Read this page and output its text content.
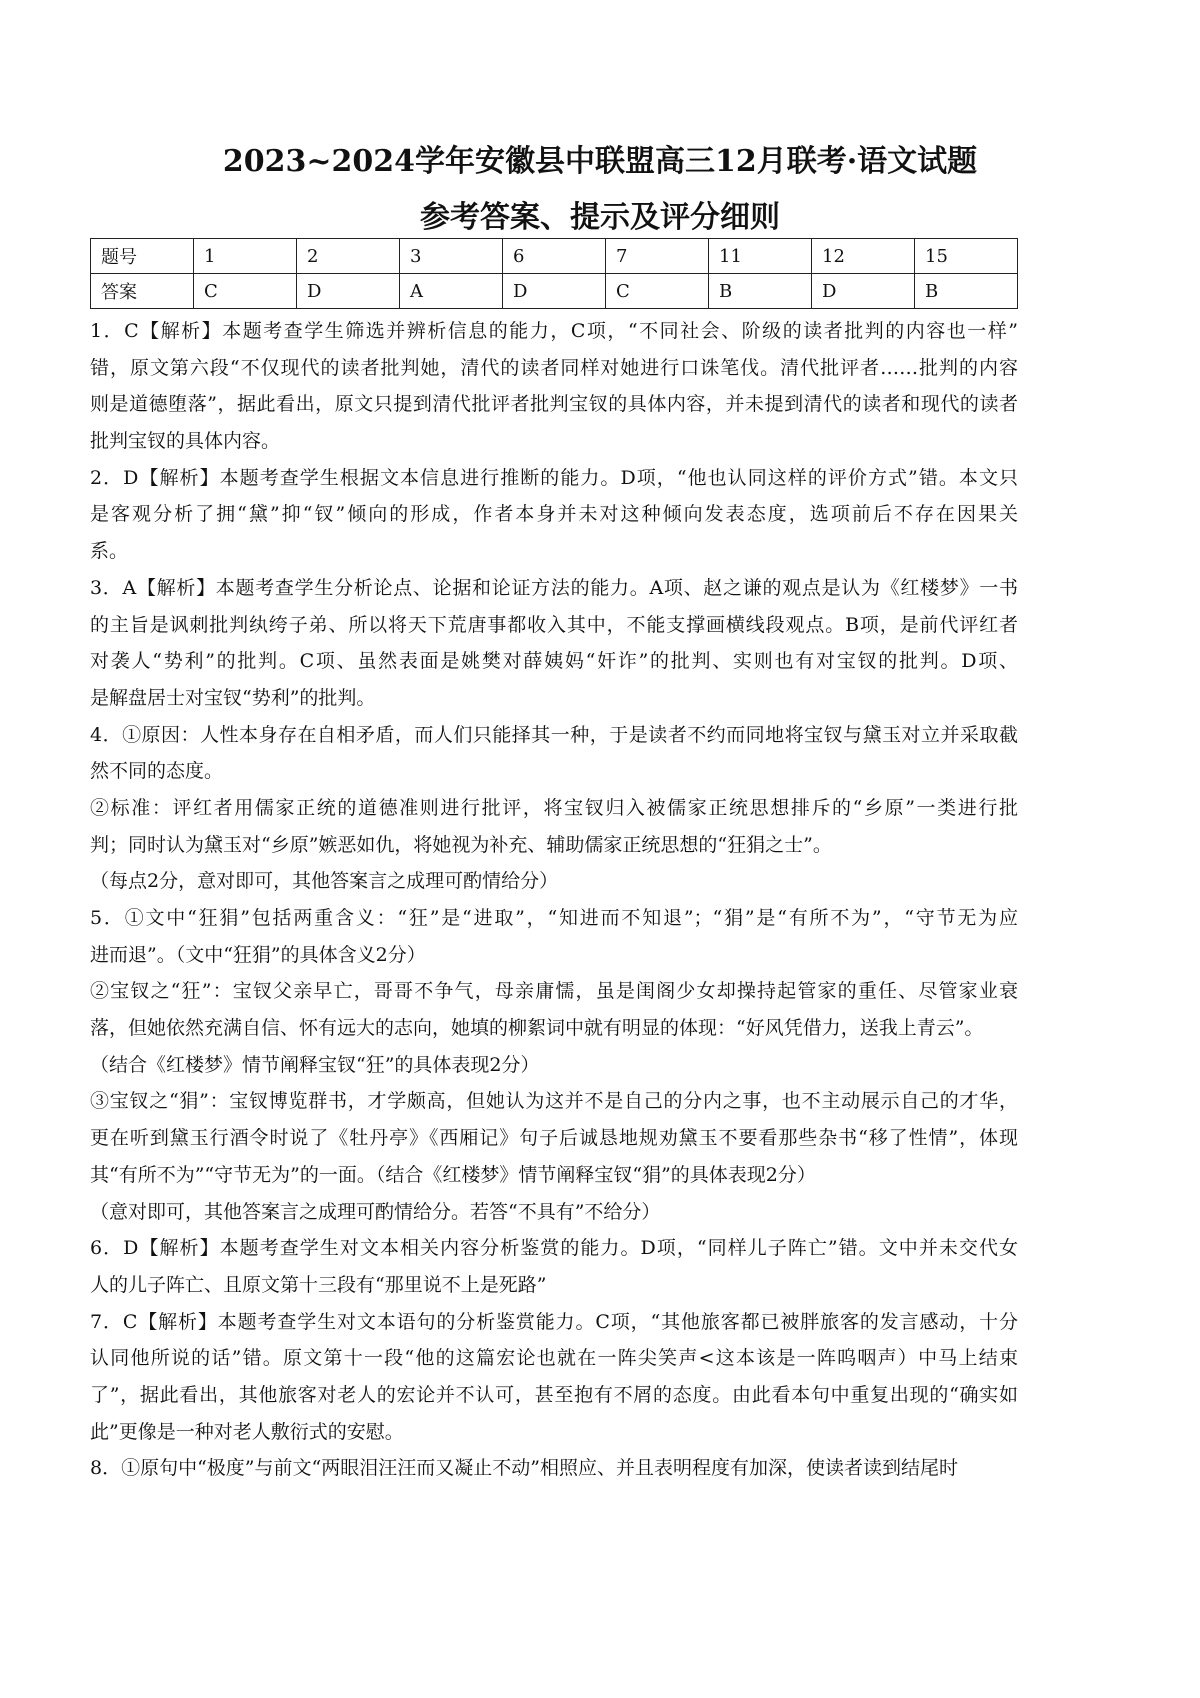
2023~2024学年安徽县中联盟高三12月联考·语文试题
参考答案、提示及评分细则
题号	1	2	3	6	7	11	12	15
答案	C	D	A	D	C	B	D	B
1．C【解析】本题考查学生筛选并辨析信息的能力，C项，“不同社会、阶级的读者批判的内容也一样”
错，原文第六段“不仅现代的读者批判她，清代的读者同样对她进行口诛笔伐。清代批评者……批判的内容
则是道德堕落”，据此看出，原文只提到清代批评者批判宝钗的具体内容，并未提到清代的读者和现代的读者
批判宝钗的具体内容。
2．D【解析】本题考查学生根据文本信息进行推断的能力。D项，“他也认同这样的评价方式”错。本文只
是客观分析了拥“黛”抑“钗”倾向的形成，作者本身并未对这种倾向发表态度，选项前后不存在因果关
系。
3．A【解析】本题考查学生分析论点、论据和论证方法的能力。A项、赵之谦的观点是认为《红楼梦》一书
的主旨是讽刺批判纨绔子弟、所以将天下荒唐事都收入其中，不能支撑画横线段观点。B项，是前代评红者
对袭人“势利”的批判。C项、虽然表面是姚樊对薛姨妈“奸诈”的批判、实则也有对宝钗的批判。D项、
是解盘居士对宝钗“势利”的批判。
4．①原因：人性本身存在自相矛盾，而人们只能择其一种，于是读者不约而同地将宝钗与黛玉对立并采取截
然不同的态度。
②标准：评红者用儒家正统的道德准则进行批评，将宝钗归入被儒家正统思想排斥的“乡原”一类进行批
判；同时认为黛玉对“乡原”嫉恶如仇，将她视为补充、辅助儒家正统思想的“狂狷之士”。
（每点2分，意对即可，其他答案言之成理可酌情给分）
5．①文中“狂狷”包括两重含义：“狂”是“进取”，“知进而不知退”；“狷”是“有所不为”，“守节无为应
进而退”。（文中“狂狷”的具体含义2分）
②宝钗之“狂”：宝钗父亲早亡，哥哥不争气，母亲庸懦，虽是闺阁少女却操持起管家的重任、尽管家业衰
落，但她依然充满自信、怀有远大的志向，她填的柳絮词中就有明显的体现：“好风凭借力，送我上青云”。
（结合《红楼梦》情节阐释宝钗“狂”的具体表现2分）
③宝钗之“狷”：宝钗博览群书，才学颇高，但她认为这并不是自己的分内之事，也不主动展示自己的才华，
更在听到黛玉行酒令时说了《牡丹亭》《西厢记》句子后诚恳地规劝黛玉不要看那些杂书“移了性情”，体现
其“有所不为”“守节无为”的一面。（结合《红楼梦》情节阐释宝钗“狷”的具体表现2分）
（意对即可，其他答案言之成理可酌情给分。若答“不具有”不给分）
6．D【解析】本题考查学生对文本相关内容分析鉴赏的能力。D项，“同样儿子阵亡”错。文中并未交代女
人的儿子阵亡、且原文第十三段有“那里说不上是死路”
7．C【解析】本题考查学生对文本语句的分析鉴赏能力。C项，“其他旅客都已被胖旅客的发言感动，十分
认同他所说的话”错。原文第十一段“他的这篇宏论也就在一阵尖笑声<这本该是一阵呜咽声）中马上结束
了”，据此看出，其他旅客对老人的宏论并不认可，甚至抱有不屑的态度。由此看本句中重复出现的“确实如
此”更像是一种对老人敷衍式的安慰。
8．①原句中“极度”与前文“两眼泪汪汪而又凝止不动”相照应、并且表明程度有加深，使读者读到结尾时
